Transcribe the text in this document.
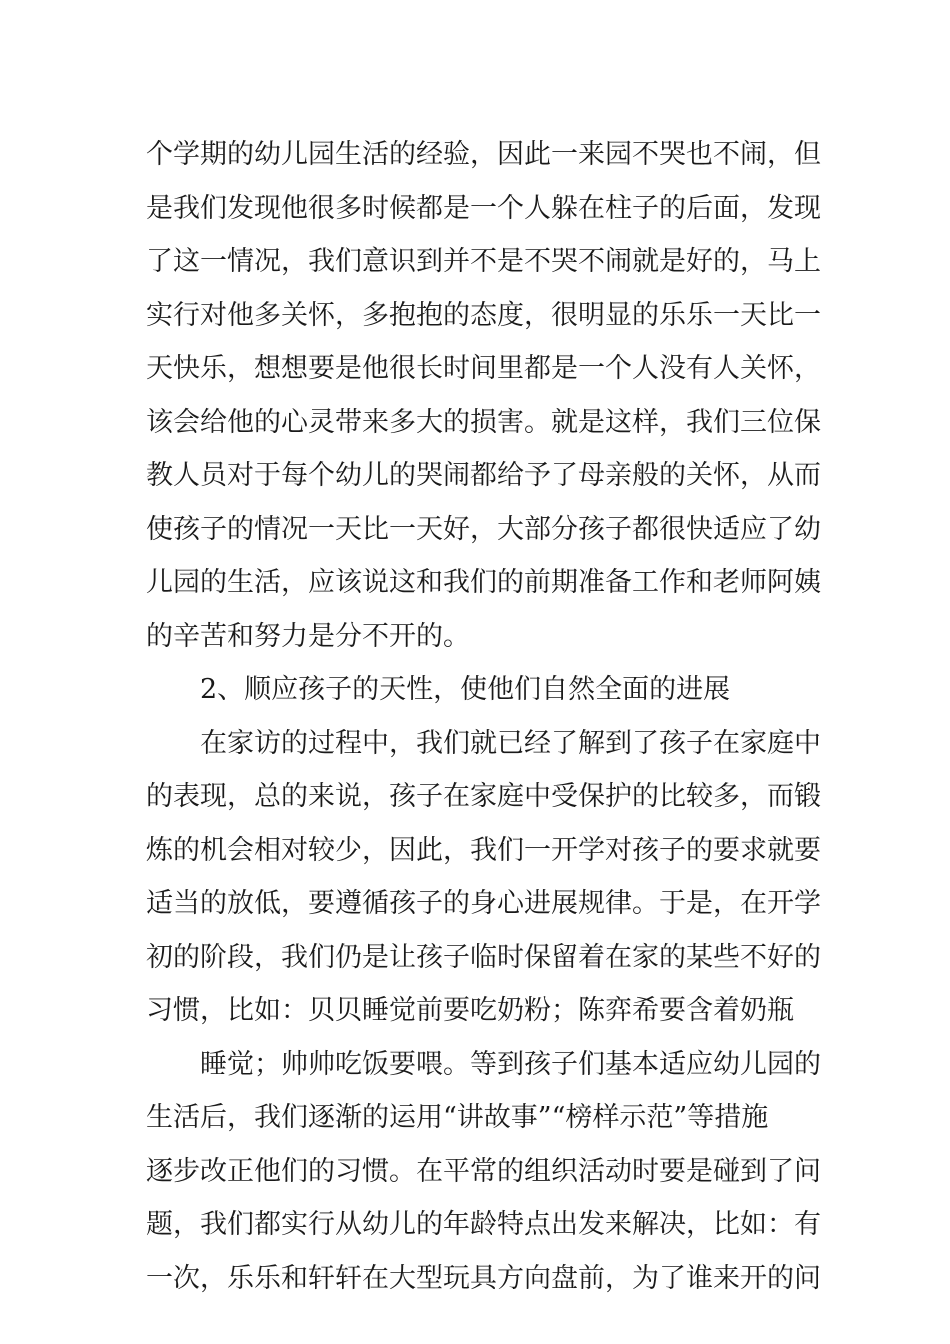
个学期的幼儿园生活的经验，因此一来园不哭也不闹，但
是我们发现他很多时候都是一个人躲在柱子的后面，发现
了这一情况，我们意识到并不是不哭不闹就是好的，马上
实行对他多关怀，多抱抱的态度，很明显的乐乐一天比一
天快乐，想想要是他很长时间里都是一个人没有人关怀，
该会给他的心灵带来多大的损害。就是这样，我们三位保
教人员对于每个幼儿的哭闹都给予了母亲般的关怀，从而
使孩子的情况一天比一天好，大部分孩子都很快适应了幼
儿园的生活，应该说这和我们的前期准备工作和老师阿姨
的辛苦和努力是分不开的。
2、顺应孩子的天性，使他们自然全面的进展
在家访的过程中，我们就已经了解到了孩子在家庭中
的表现，总的来说，孩子在家庭中受保护的比较多，而锻
炼的机会相对较少，因此，我们一开学对孩子的要求就要
适当的放低，要遵循孩子的身心进展规律。于是，在开学
初的阶段，我们仍是让孩子临时保留着在家的某些不好的
习惯，比如：贝贝睡觉前要吃奶粉；陈弈希要含着奶瓶
睡觉；帅帅吃饭要喂。等到孩子们基本适应幼儿园的
生活后，我们逐渐的运用“讲故事”“榜样示范”等措施
逐步改正他们的习惯。在平常的组织活动时要是碰到了问
题，我们都实行从幼儿的年龄特点出发来解决，比如：有
一次，乐乐和轩轩在大型玩具方向盘前，为了谁来开的问
